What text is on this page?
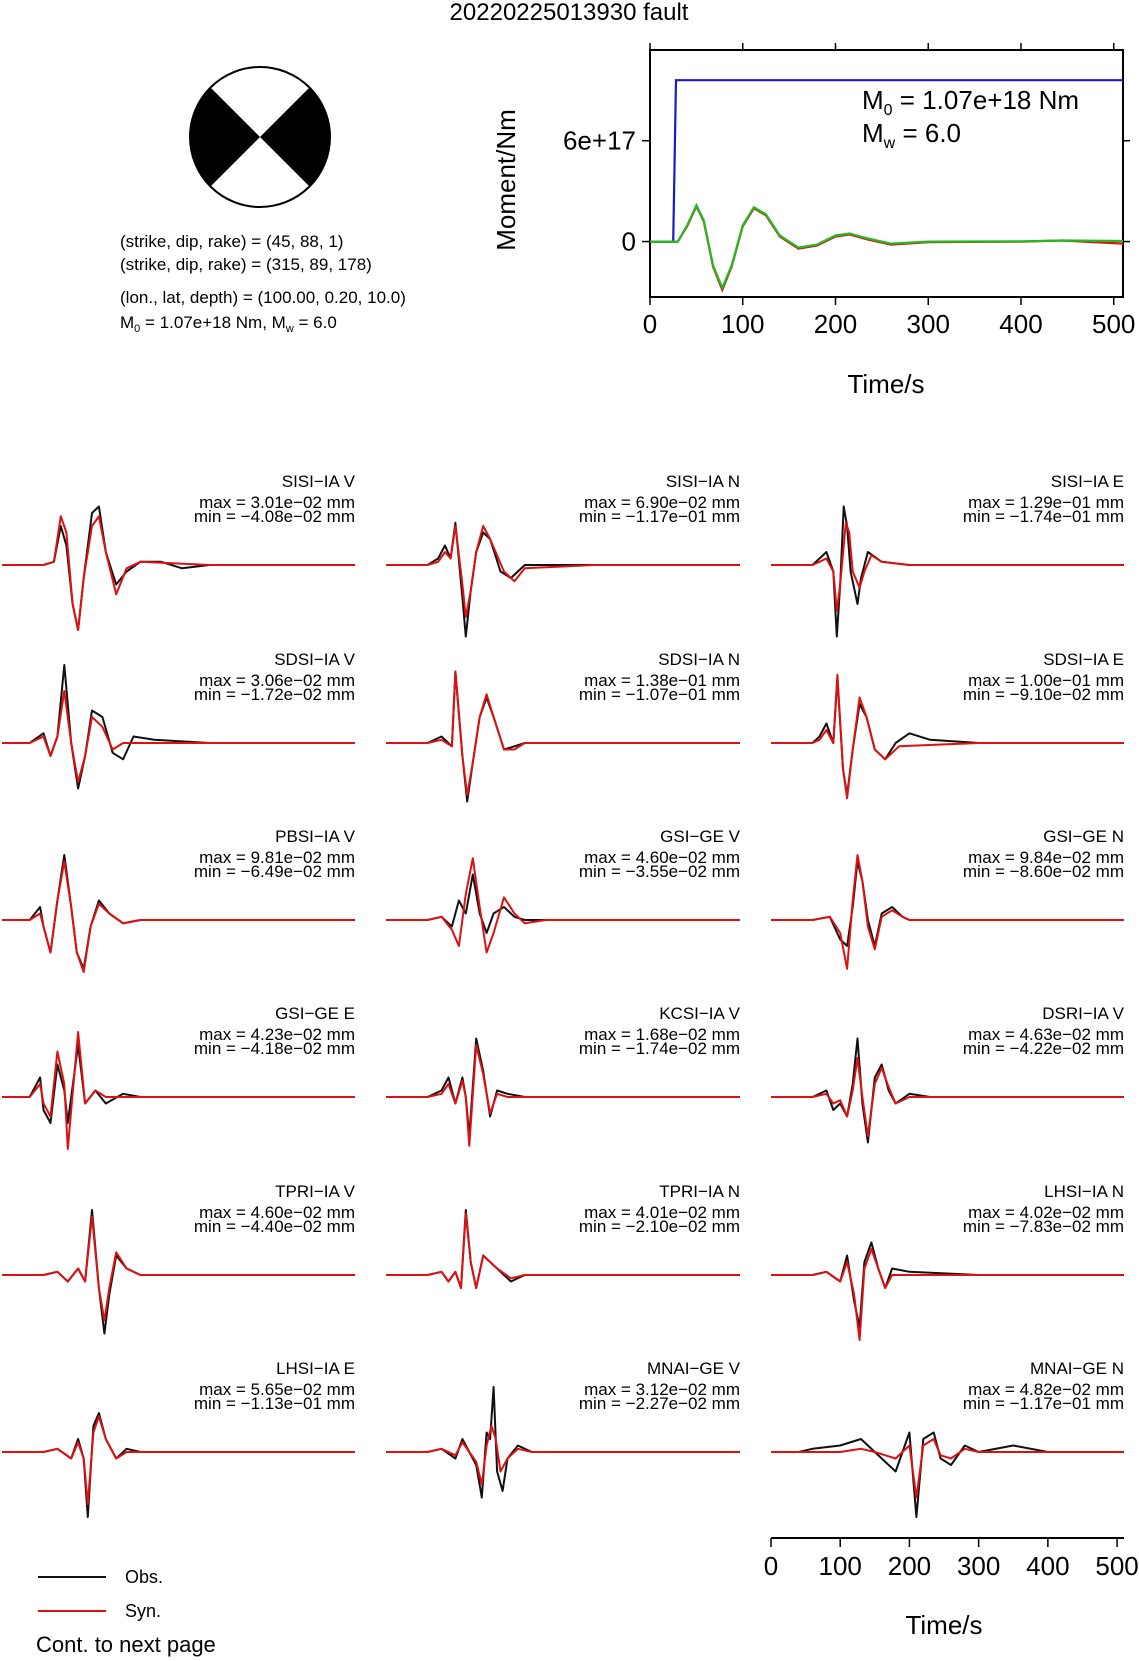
20220225013930 fault
(strike, dip, rake) = (45, 88, 1)
(strike, dip, rake) = (315, 89, 178)
(lon., lat, depth) = (100.00, 0.20, 10.0)
$M_0 = 1.07e+18$ Nm, $M_w = 6.0$	0 100 200 300 400 500
0
6e+17
Moment/Nm
Time/s
$M_0 = 1.07e+18$ Nm
$M_w = 6.0$
SISI−IA V
max = 3.01e−02 mm
min = −4.08e−02 mm
SISI−IA N
max = 6.90e−02 mm
min = −1.17e−01 mm
SISI−IA E
max = 1.29e−01 mm
min = −1.74e−01 mm
SDSI−IA V
max = 3.06e−02 mm
min = −1.72e−02 mm
SDSI−IA N
max = 1.38e−01 mm
min = −1.07e−01 mm
SDSI−IA E
max = 1.00e−01 mm
min = −9.10e−02 mm
PBSI−IA V
max = 9.81e−02 mm
min = −6.49e−02 mm
GSI−GE V
max = 4.60e−02 mm
min = −3.55e−02 mm
GSI−GE N
max = 9.84e−02 mm
min = −8.60e−02 mm
GSI−GE E
max = 4.23e−02 mm
min = −4.18e−02 mm
KCSI−IA V
max = 1.68e−02 mm
min = −1.74e−02 mm
DSRI−IA V
max = 4.63e−02 mm
min = −4.22e−02 mm
TPRI−IA V
max = 4.60e−02 mm
min = −4.40e−02 mm
TPRI−IA N
max = 4.01e−02 mm
min = −2.10e−02 mm
LHSI−IA N
max = 4.02e−02 mm
min = −7.83e−02 mm
LHSI−IA E
max = 5.65e−02 mm
min = −1.13e−01 mm
MNAI−GE V
max = 3.12e−02 mm
min = −2.27e−02 mm
MNAI−GE N
max = 4.82e−02 mm
min = −1.17e−01 mm
0 100 200 300 400 500
Time/s
Obs.
Syn.
Cont. to next page
